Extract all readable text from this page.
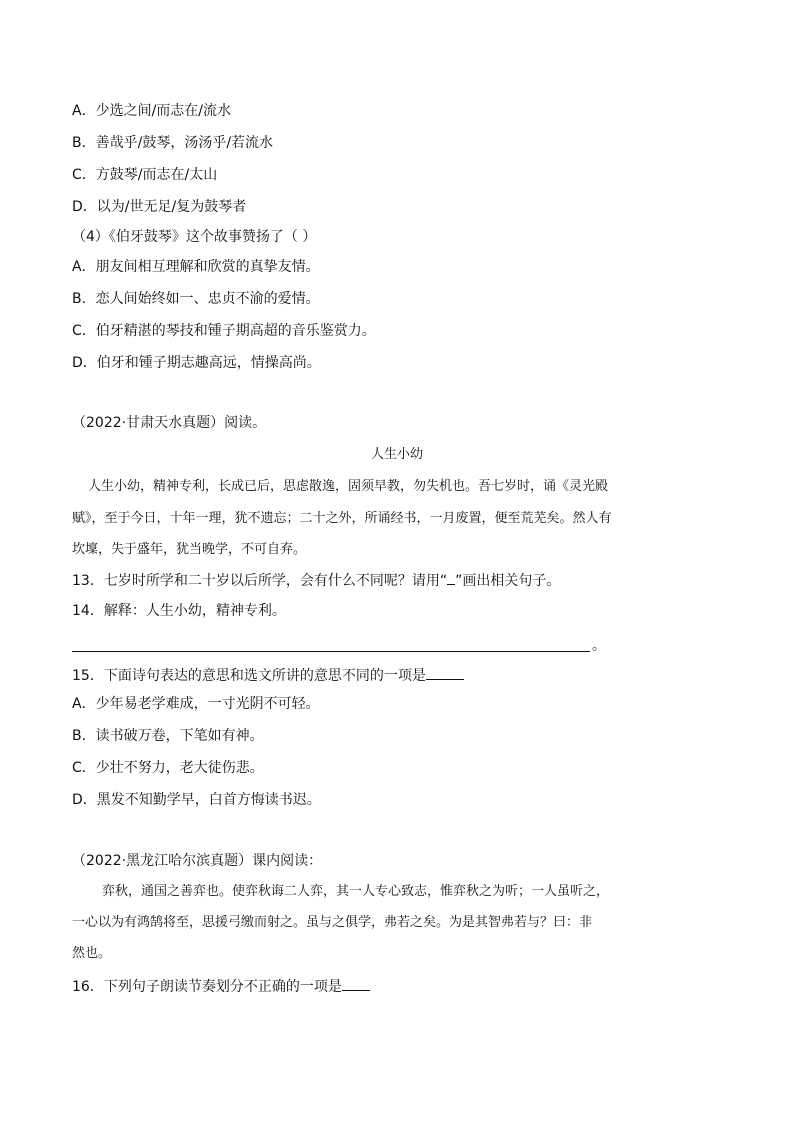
A．少选之间/而志在/流水
B．善哉乎/鼓琴，汤汤乎/若流水
C．方鼓琴/而志在/太山
D．以为/世无足/复为鼓琴者
（4）《伯牙鼓琴》这个故事赞扬了（ ）
A．朋友间相互理解和欣赏的真挚友情。
B．恋人间始终如一、忠贞不渝的爱情。
C．伯牙精湛的琴技和锺子期高超的音乐鉴赏力。
D．伯牙和锺子期志趣高远，情操高尚。
（2022·甘肃天水真题）阅读。
人生小幼
人生小幼，精神专利，长成已后，思虑散逸，固须早教，勿失机也。吾七岁时，诵《灵光殿
赋》，至于今日，十年一理，犹不遗忘；二十之外，所诵经书，一月废置，便至荒芜矣。然人有
坎壈，失于盛年，犹当晚学，不可自弃。
13．七岁时所学和二十岁以后所学，会有什么不同呢？请用“ ”画出相关句子。
14．解释：人生小幼，精神专利。
。
15．下面诗句表达的意思和选文所讲的意思不同的一项是
A．少年易老学难成，一寸光阴不可轻。
B．读书破万卷，下笔如有神。
C．少壮不努力，老大徒伤悲。
D．黑发不知勤学早，白首方悔读书迟。
（2022·黑龙江哈尔滨真题）课内阅读：
弈秋，通国之善弈也。使弈秋诲二人弈，其一人专心致志，惟弈秋之为听；一人虽听之，
一心以为有鸿鹄将至，思援弓缴而射之。虽与之俱学，弗若之矣。为是其智弗若与？曰：非
然也。
16．下列句子朗读节奏划分不正确的一项是
